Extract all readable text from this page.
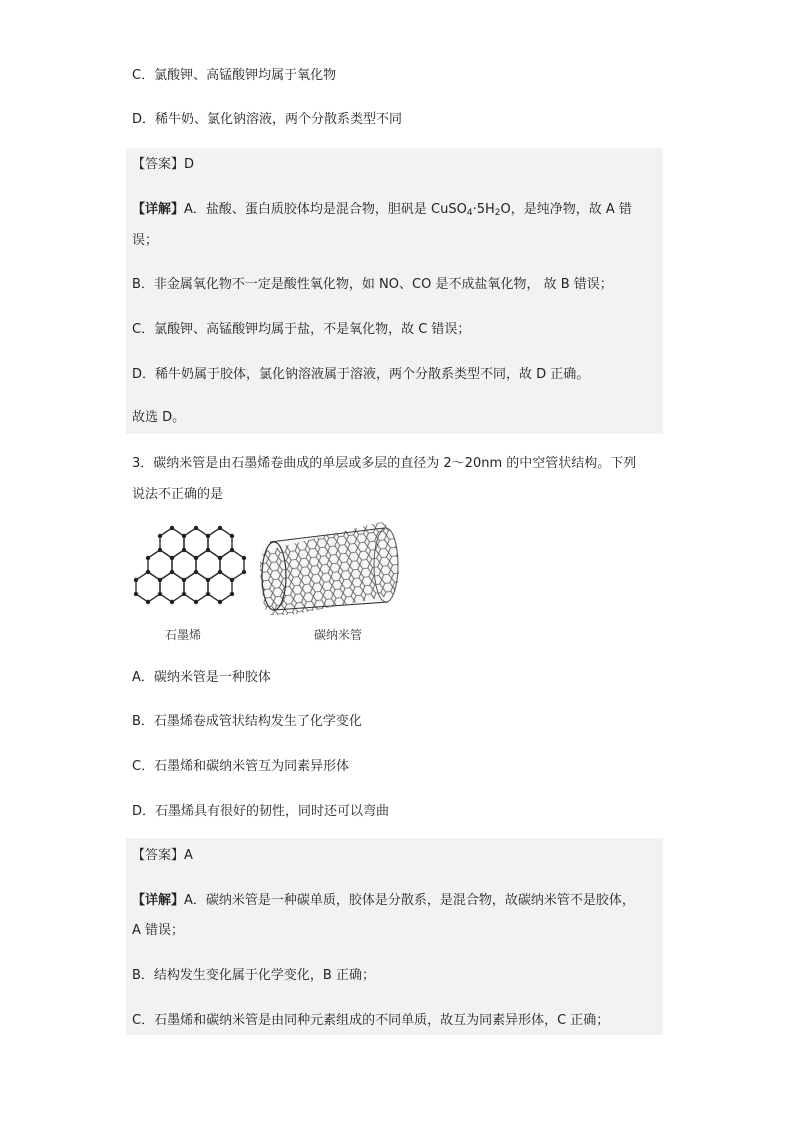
C．氯酸钾、高锰酸钾均属于氧化物
D．稀牛奶、氯化钠溶液，两个分散系类型不同
【答案】D
【详解】A．盐酸、蛋白质胶体均是混合物，胆矾是 $CuSO_4\cdot 5H_2O$，是纯净物，故 A 错
误；
B．非金属氧化物不一定是酸性氧化物，如 NO、CO 是不成盐氧化物， 故 B 错误；
C．氯酸钾、高锰酸钾均属于盐，不是氧化物，故 C 错误；
D．稀牛奶属于胶体，氯化钠溶液属于溶液，两个分散系类型不同，故 D 正确。
故选 D。
3．碳纳米管是由石墨烯卷曲成的单层或多层的直径为 2～20nm 的中空管状结构。下列
说法不正确的是
石墨烯	碳纳米管
A．碳纳米管是一种胶体
B．石墨烯卷成管状结构发生了化学变化
C．石墨烯和碳纳米管互为同素异形体
D．石墨烯具有很好的韧性，同时还可以弯曲
【答案】A
【详解】A．碳纳米管是一种碳单质，胶体是分散系，是混合物，故碳纳米管不是胶体，
A 错误；
B．结构发生变化属于化学变化，B 正确；
C．石墨烯和碳纳米管是由同种元素组成的不同单质，故互为同素异形体，C 正确；
